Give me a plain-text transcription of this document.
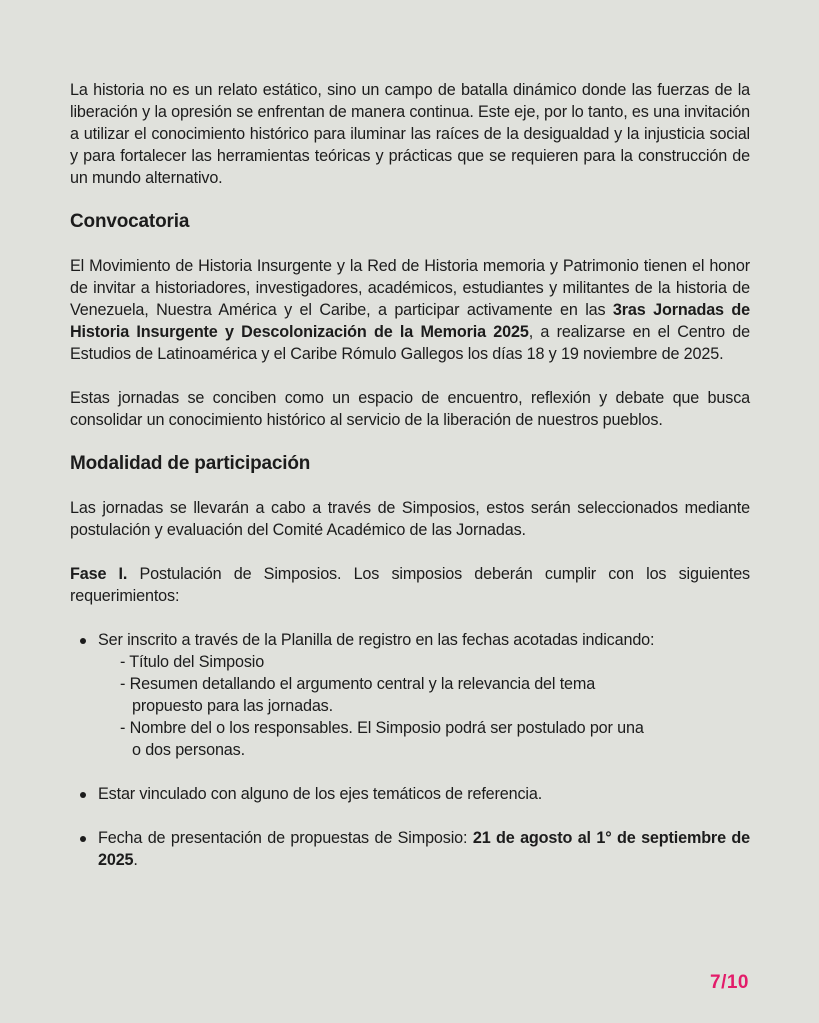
La historia no es un relato estático, sino un campo de batalla dinámico donde las fuerzas de la liberación y la opresión se enfrentan de manera continua. Este eje, por lo tanto, es una invitación a utilizar el conocimiento histórico para iluminar las raíces de la desigualdad y la injusticia social y para fortalecer las herramientas teóricas y prácticas que se requieren para la construcción de un mundo alternativo.

Convocatoria

El Movimiento de Historia Insurgente y la Red de Historia memoria y Patrimonio tienen el honor de invitar a historiadores, investigadores, académicos, estudiantes y militantes de la historia de Venezuela, Nuestra América y el Caribe, a participar activamente en las 3ras Jornadas de Historia Insurgente y Descolonización de la Memoria 2025, a realizarse en el Centro de Estudios de Latinoamérica y el Caribe Rómulo Gallegos los días 18 y 19 noviembre de 2025.

Estas jornadas se conciben como un espacio de encuentro, reflexión y debate que busca consolidar un conocimiento histórico al servicio de la liberación de nuestros pueblos.

Modalidad de participación

Las jornadas se llevarán a cabo a través de Simposios, estos serán seleccionados mediante postulación y evaluación del Comité Académico de las Jornadas.

Fase I. Postulación de Simposios. Los simposios deberán cumplir con los siguientes requerimientos:

Ser inscrito a través de la Planilla de registro en las fechas acotadas indicando:
- Título del Simposio
- Resumen detallando el argumento central y la relevancia del tema propuesto para las jornadas.
- Nombre del o los responsables. El Simposio podrá ser postulado por una o dos personas.
Estar vinculado con alguno de los ejes temáticos de referencia.
Fecha de presentación de propuestas de Simposio: 21 de agosto al 1° de septiembre de 2025.
7/10
